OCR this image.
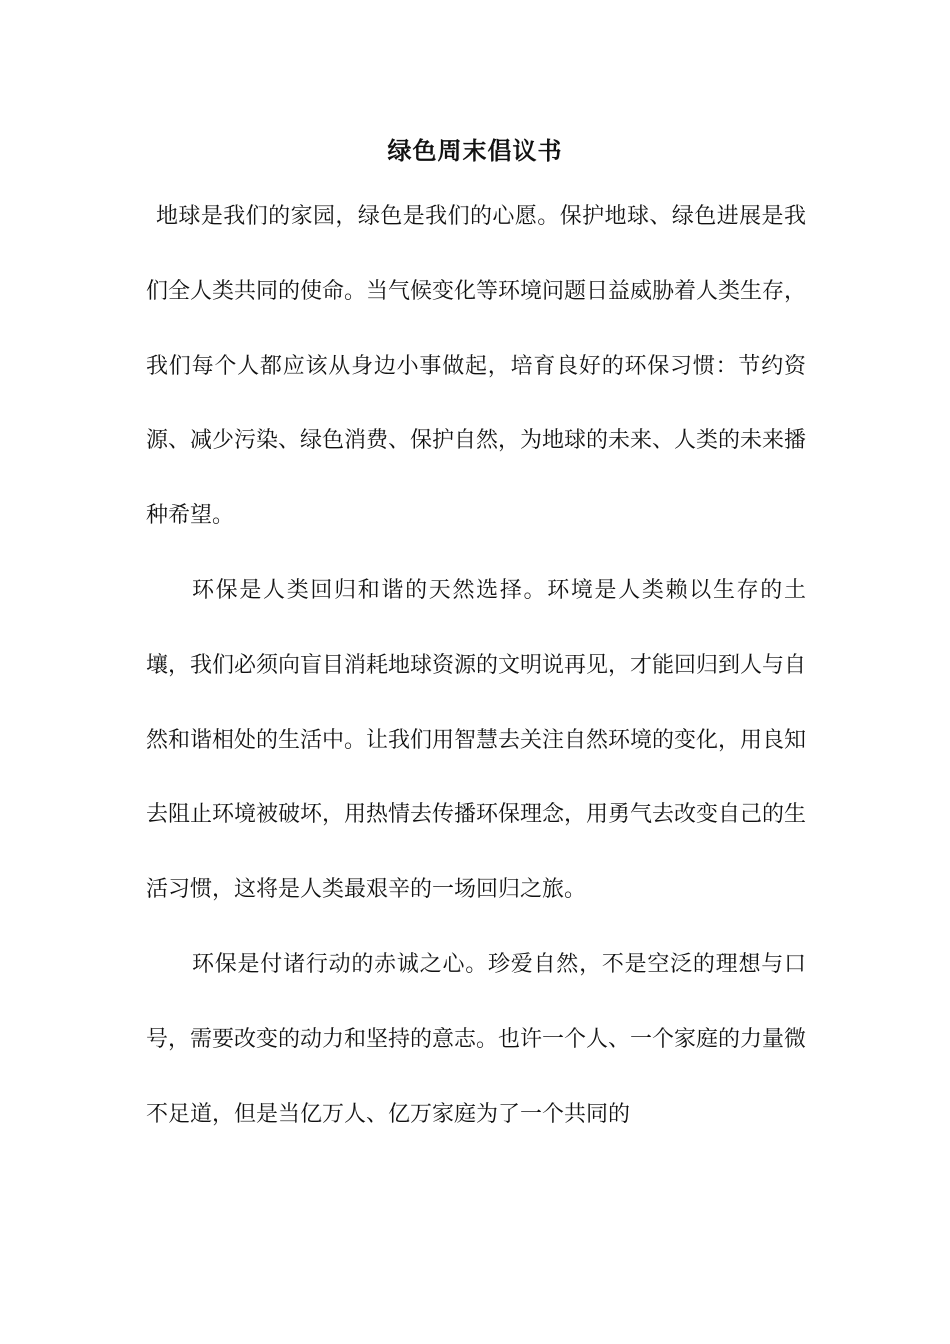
绿色周末倡议书

地球是我们的家园，绿色是我们的心愿。保护地球、绿色进展是我们全人类共同的使命。当气候变化等环境问题日益威胁着人类生存，我们每个人都应该从身边小事做起，培育良好的环保习惯：节约资源、减少污染、绿色消费、保护自然，为地球的未来、人类的未来播种希望。

环保是人类回归和谐的天然选择。环境是人类赖以生存的土壤，我们必须向盲目消耗地球资源的文明说再见，才能回归到人与自然和谐相处的生活中。让我们用智慧去关注自然环境的变化，用良知去阻止环境被破坏，用热情去传播环保理念，用勇气去改变自己的生活习惯，这将是人类最艰辛的一场回归之旅。

环保是付诸行动的赤诚之心。珍爱自然，不是空泛的理想与口号，需要改变的动力和坚持的意志。也许一个人、一个家庭的力量微不足道，但是当亿万人、亿万家庭为了一个共同的
